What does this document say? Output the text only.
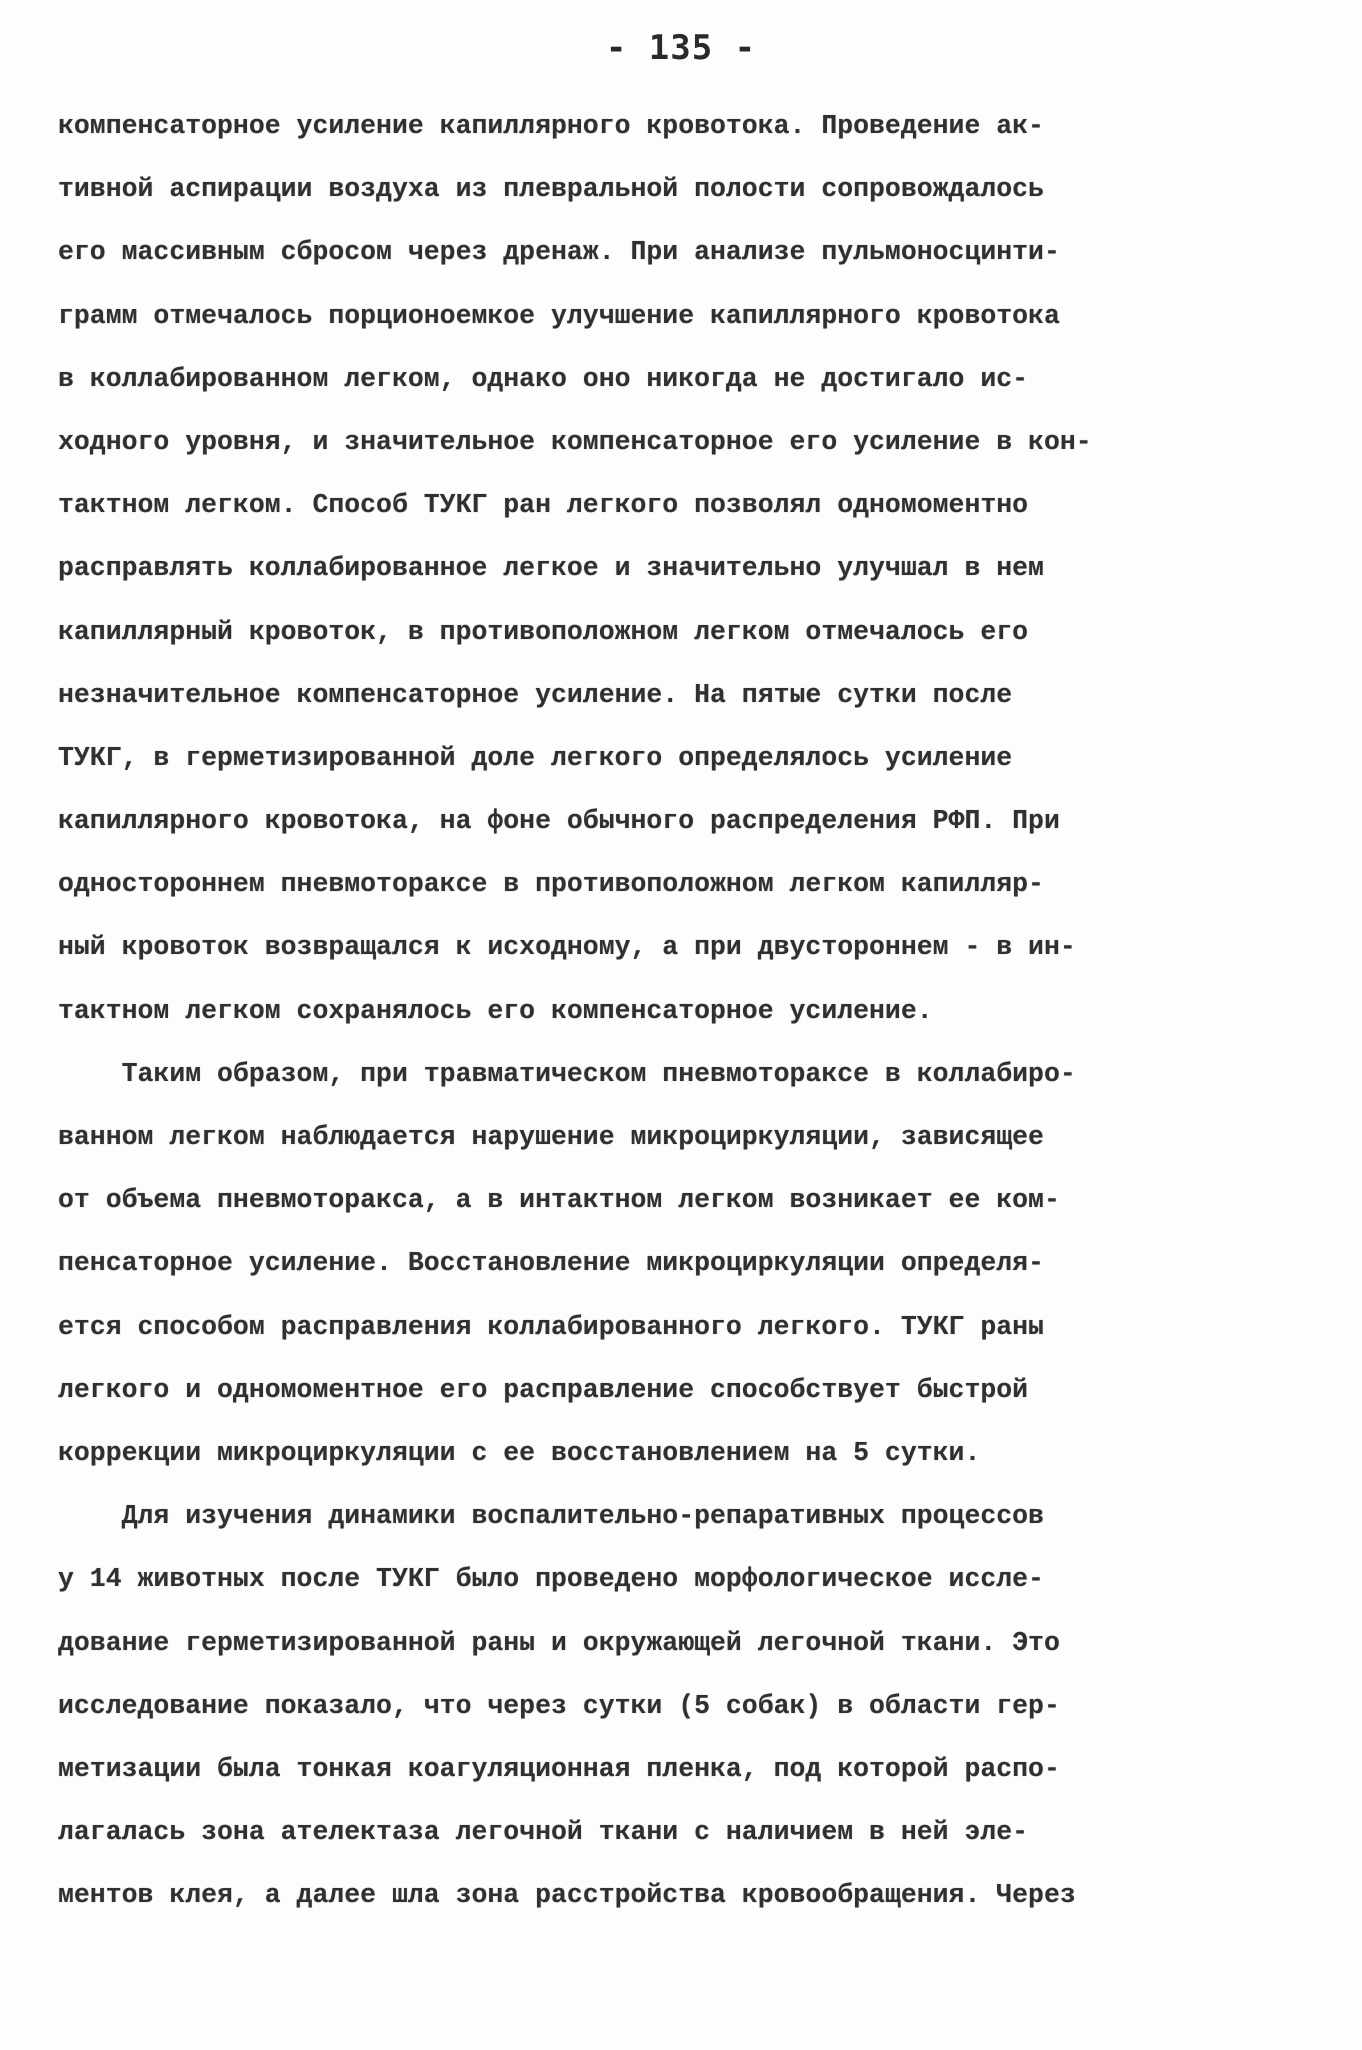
- 135 -
компенсаторное усиление капиллярного кровотока. Проведение ак-
тивной аспирации воздуха из плевральной полости сопровождалось
его массивным сбросом через дренаж. При анализе пульмоносцинти-
грамм отмечалось порционоемкое улучшение капиллярного кровотока
в коллабированном легком, однако оно никогда не достигало ис-
ходного уровня, и значительное компенсаторное его усиление в кон-
тактном легком. Способ ТУКГ ран легкого позволял одномоментно
расправлять коллабированное легкое и значительно улучшал в нем
капиллярный кровоток, в противоположном легком отмечалось его
незначительное компенсаторное усиление. На пятые сутки после
ТУКГ, в герметизированной доле легкого определялось усиление
капиллярного кровотока, на фоне обычного распределения РФП. При
одностороннем пневмотораксе в противоположном легком капилляр-
ный кровоток возвращался к исходному, а при двустороннем - в ин-
тактном легком сохранялось его компенсаторное усиление.
Таким образом, при травматическом пневмотораксе в коллабиро-
ванном легком наблюдается нарушение микроциркуляции, зависящее
от объема пневмоторакса, а в интактном легком возникает ее ком-
пенсаторное усиление. Восстановление микроциркуляции определя-
ется способом расправления коллабированного легкого. ТУКГ раны
легкого и одномоментное его расправление способствует быстрой
коррекции микроциркуляции с ее восстановлением на 5 сутки.
Для изучения динамики воспалительно-репаративных процессов
у 14 животных после ТУКГ было проведено морфологическое иссле-
дование герметизированной раны и окружающей легочной ткани. Это
исследование показало, что через сутки (5 собак) в области гер-
метизации была тонкая коагуляционная пленка, под которой распо-
лагалась зона ателектаза легочной ткани с наличием в ней эле-
ментов клея, а далее шла зона расстройства кровообращения. Через
